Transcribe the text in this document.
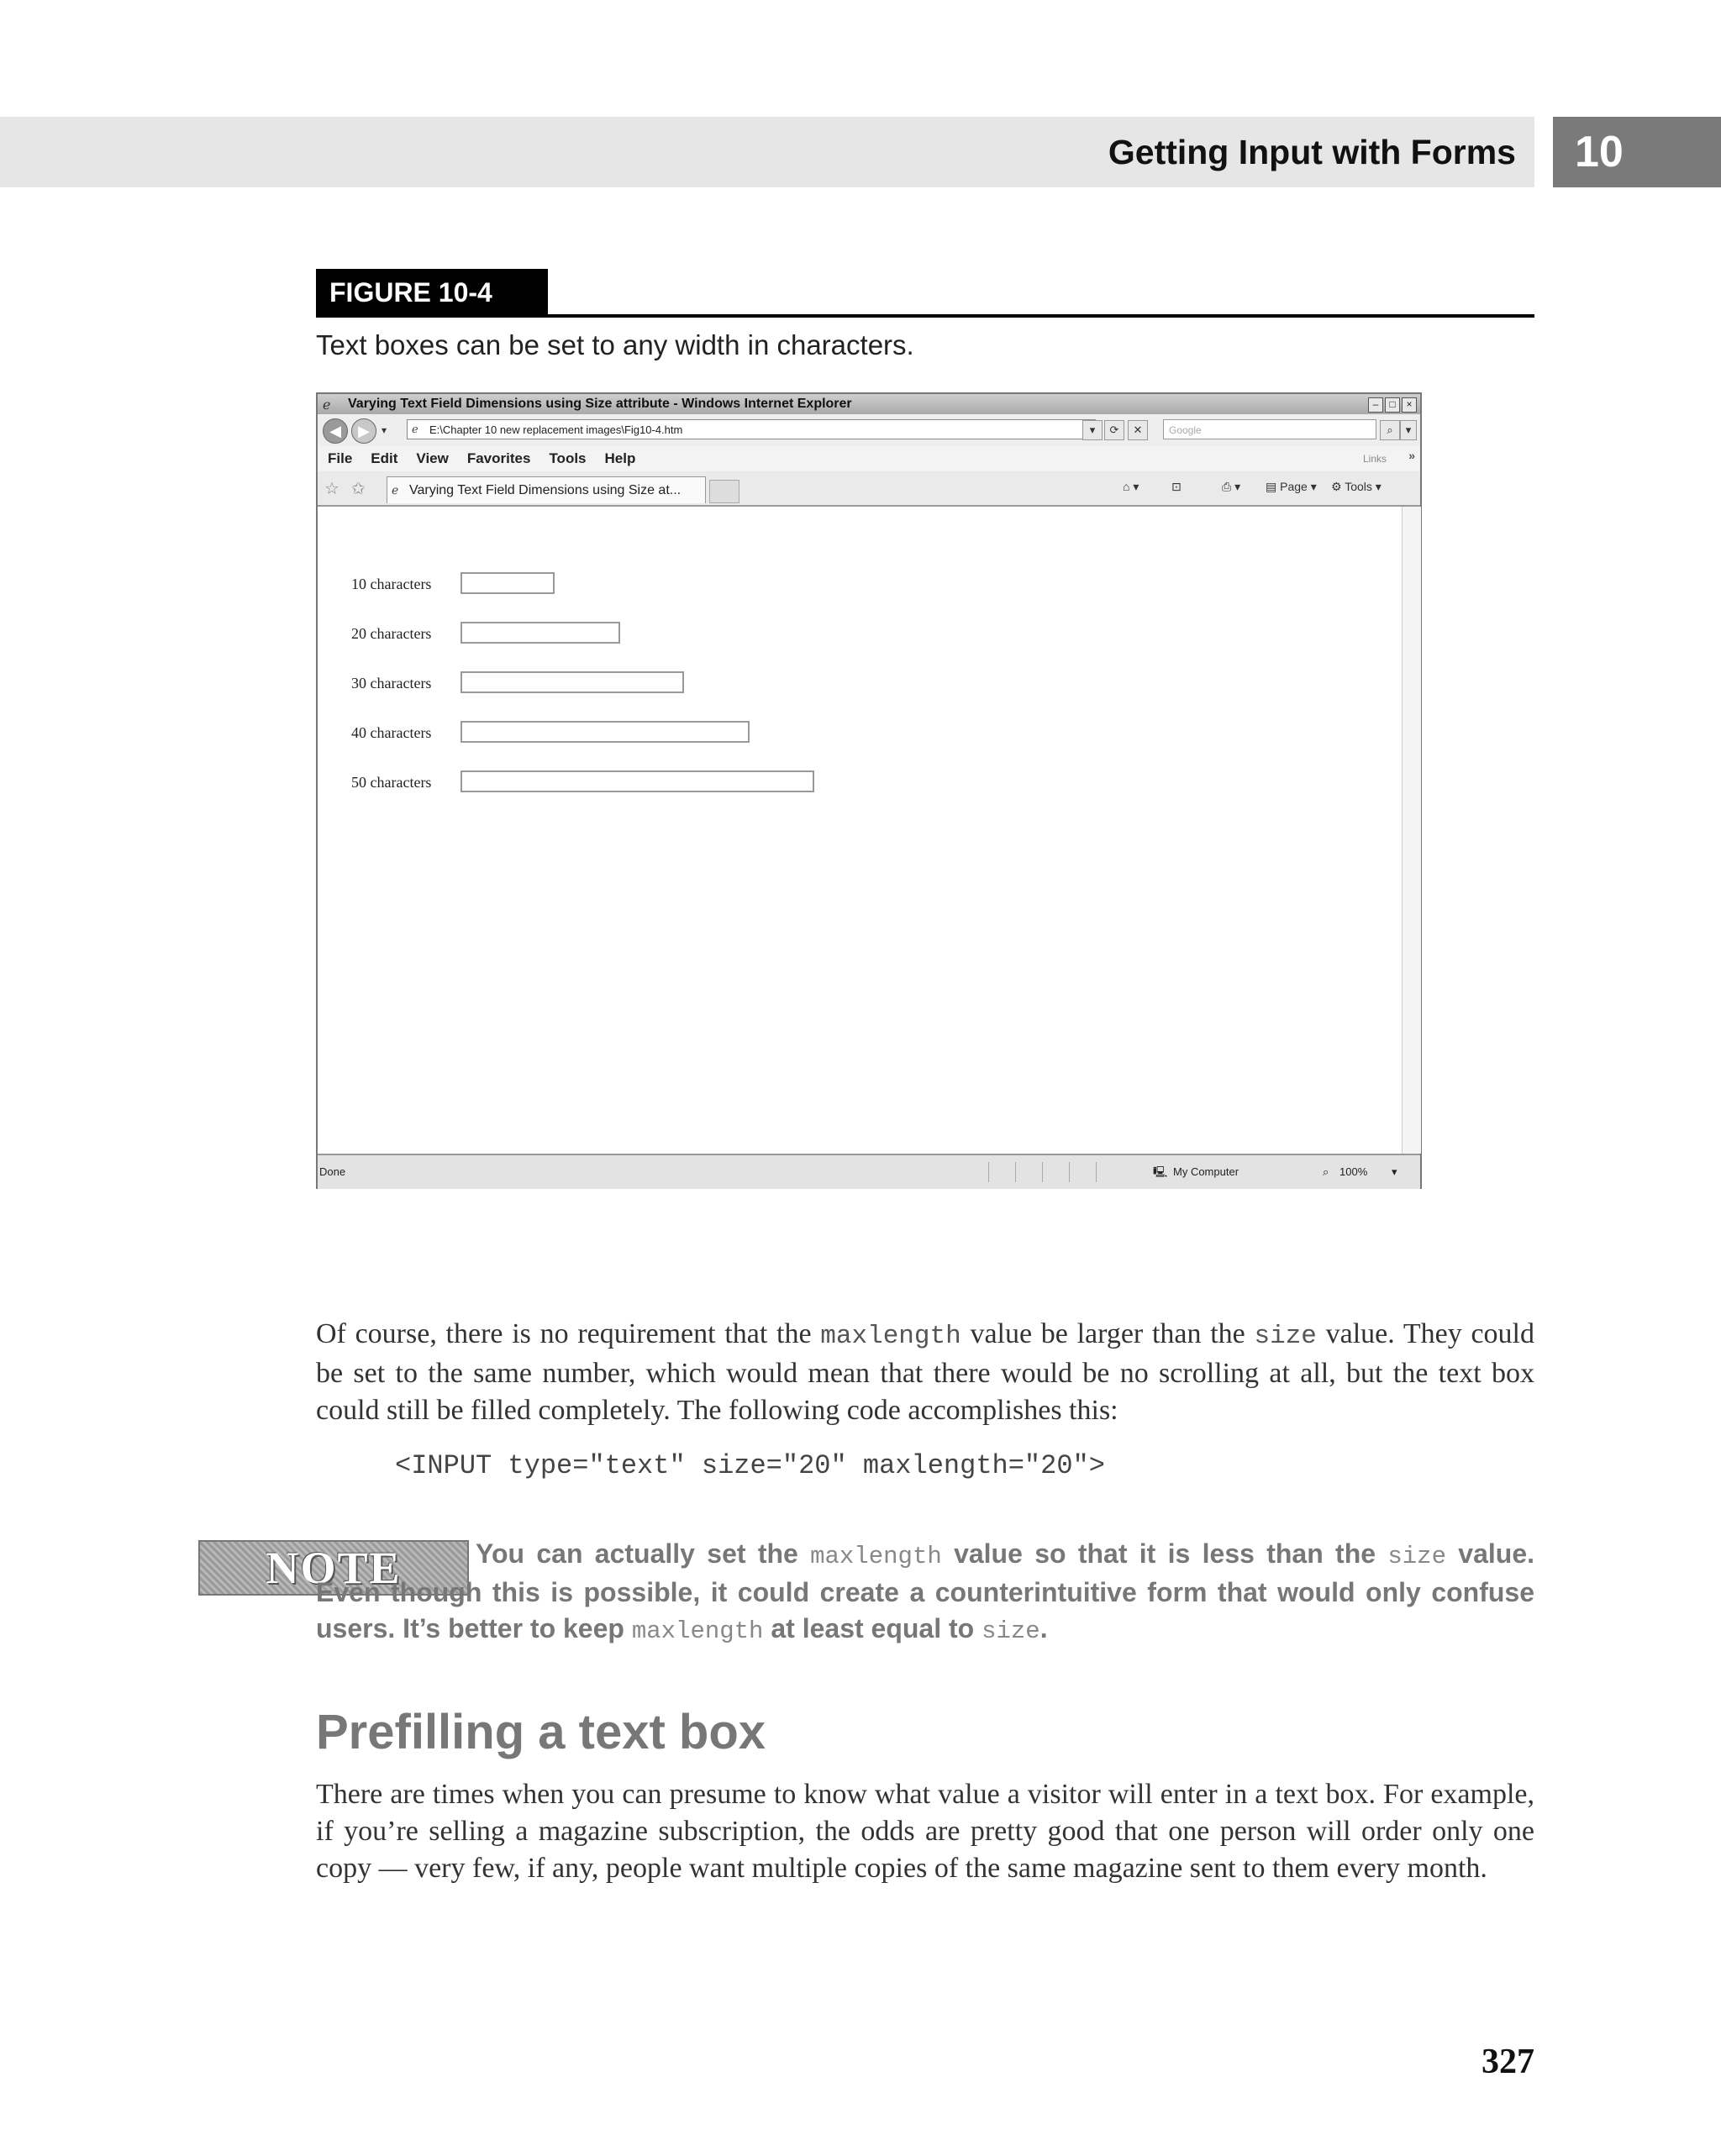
Getting Input with Forms	10
FIGURE 10-4
Text boxes can be set to any width in characters.
Varying Text Field Dimensions using Size attribute - Windows Internet Explorer
ℯ	– □ ×
◀	▶	▾	E:\Chapter 10 new replacement images\Fig10-4.htm
ℯ	▾	⟳	✕	Google	⌕	▾
File Edit View Favorites Tools Help	Links »
☆ ✩	Varying Text Field Dimensions using Size at...
ℯ	⌂ ▾	⊡	⎙ ▾ ▤ Page ▾ ⚙ Tools ▾
10 characters
20 characters
30 characters
40 characters
50 characters
Done	🖳 My Computer	⌕ 100% ▾
Of course, there is no requirement that the maxlength value be larger than the size value. They could be set to the same number, which would mean that there would be no scrolling at all, but the text box could still be filled completely. The following code accomplishes this:
<INPUT type="text" size="20" maxlength="20">
NOTE	You can actually set the maxlength value so that it is less than the size value. Even though this is possible, it could create a counterintuitive form that would only confuse users. It’s better to keep maxlength at least equal to size.
Prefilling a text box
There are times when you can presume to know what value a visitor will enter in a text box. For example, if you’re selling a magazine subscription, the odds are pretty good that one person will order only one copy — very few, if any, people want multiple copies of the same magazine sent to them every month.
327
